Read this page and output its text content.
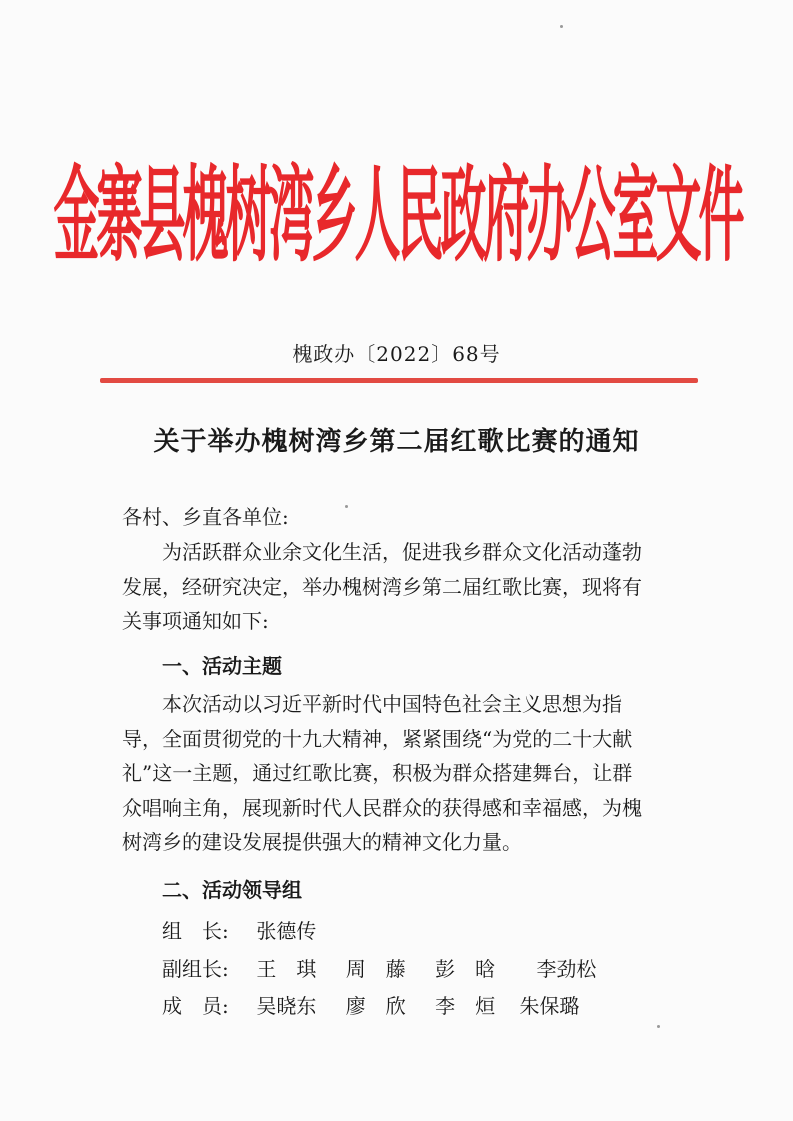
金寨县槐树湾乡人民政府办公室文件
槐政办〔2022〕68号
关于举办槐树湾乡第二届红歌比赛的通知
各村、乡直各单位:
为活跃群众业余文化生活，促进我乡群众文化活动蓬勃
发展，经研究决定，举办槐树湾乡第二届红歌比赛，现将有
关事项通知如下:
一、活动主题
本次活动以习近平新时代中国特色社会主义思想为指
导，全面贯彻党的十九大精神，紧紧围绕“为党的二十大献
礼”这一主题，通过红歌比赛，积极为群众搭建舞台，让群
众唱响主角，展现新时代人民群众的获得感和幸福感，为槐
树湾乡的建设发展提供强大的精神文化力量。
二、活动领导组
组　长: 张德传
副组长: 王　琪 周　藤 彭　晗 李劲松
成　员: 吴晓东 廖　欣 李　烜 朱保璐
